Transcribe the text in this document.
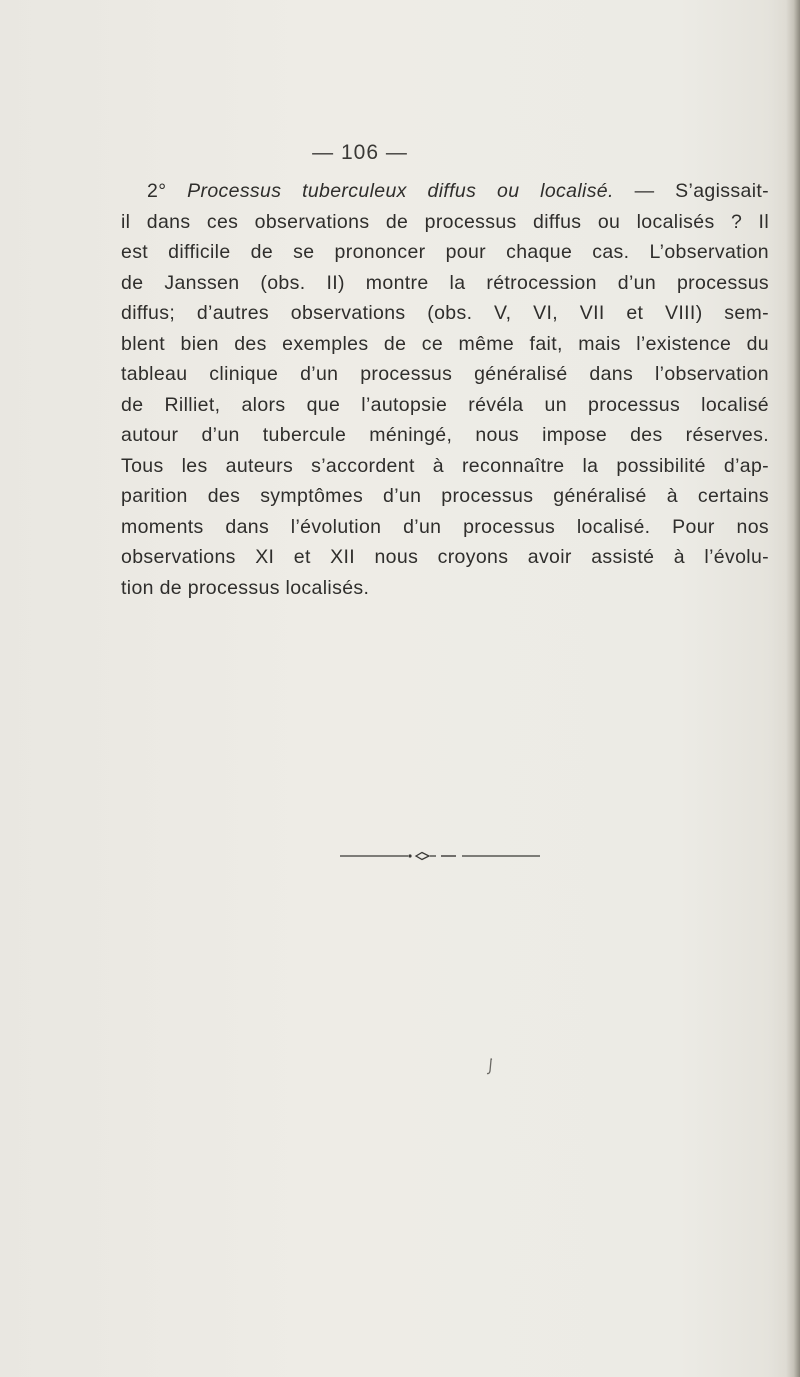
— 106 —
2° Processus tuberculeux diffus ou localisé. — S’agissait-
il dans ces observations de processus diffus ou localisés ? Il
est difficile de se prononcer pour chaque cas. L’observation
de Janssen (obs. II) montre la rétrocession d’un processus
diffus; d’autres observations (obs. V, VI, VII et VIII) sem-
blent bien des exemples de ce même fait, mais l’existence du
tableau clinique d’un processus généralisé dans l’observation
de Rilliet, alors que l’autopsie révéla un processus localisé
autour d’un tubercule méningé, nous impose des réserves.
Tous les auteurs s’accordent à reconnaître la possibilité d’ap-
parition des symptômes d’un processus généralisé à certains
moments dans l’évolution d’un processus localisé. Pour nos
observations XI et XII nous croyons avoir assisté à l’évolu-
tion de processus localisés.
